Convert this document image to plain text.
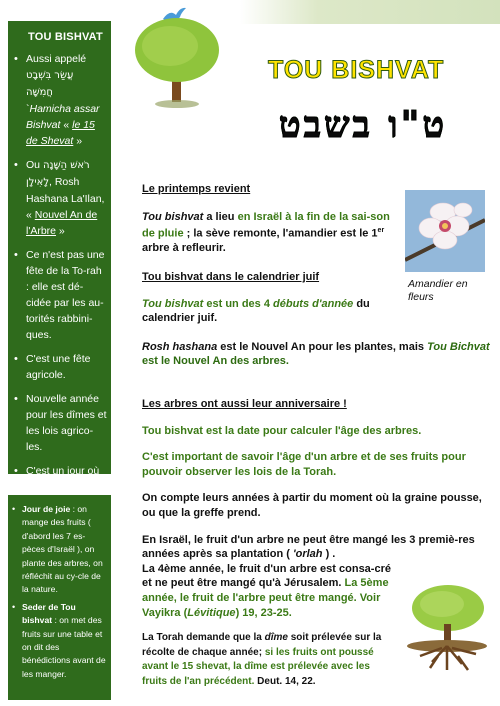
TOU BISHVAT
ט"ו בשבט
TOU BISHVAT
• Aussi appelé
עֲשַׂר בִּשְׁבָט
חֲמִשָּׁה
`Hamicha assar Bishvat « le 15 de Shevat »
• Ou רֹאשׁ הַשָּׁנָה
לָאִילָן, Rosh Hashana La'Ilan, « Nouvel An de l'Arbre »
• Ce n'est pas une fête de la To-rah : elle est dé-cidée par les au-torités rabbini-ques.
• C'est une fête agricole.
• Nouvelle année pour les dîmes et les lois agrico-les.
• C'est un jour où on travaille.
• Jour de joie : on mange des fruits ( d'abord les 7 es-pèces d'Israël ), on plante des arbres, on réfléchit au cy-cle de la nature.
• Seder de Tou bishvat : on met des fruits sur une table et on dit des bénédictions avant de les manger.
Amandier en fleurs

Le printemps revient

Tou bishvat a lieu en Israël à la fin de la sai-son de pluie ; la sève remonte, l'amandier est le 1er arbre à refleurir.

Tou bishvat dans le calendrier juif

Tou bishvat est un des 4 débuts d'année du calendrier juif.

Rosh hashana est le Nouvel An pour les plantes, mais Tou Bichvat est le Nouvel An des arbres.

Les arbres ont aussi leur anniversaire !

Tou bishvat est la date pour calculer l'âge des arbres.

C'est important de savoir l'âge d'un arbre et de ses fruits pour pouvoir observer les lois de la Torah.

On compte leurs années à partir du moment où la graine pousse, ou que la greffe prend.

En Israël, le fruit d'un arbre ne peut être mangé les 3 premiè-res années après sa plantation ( 'orlah ) .

La 4ème année, le fruit d'un arbre est consa-cré et ne peut être mangé qu'à Jérusalem. La 5ème année, le fruit de l'arbre peut être mangé. Voir Vayikra (Lévitique) 19, 23-25.

La Torah demande que la dîme soit prélevée sur la récolte de chaque année; si les fruits ont poussé avant le 15 shevat, la dîme est prélevée avec les fruits de l'an précédent. Deut. 14, 22.
